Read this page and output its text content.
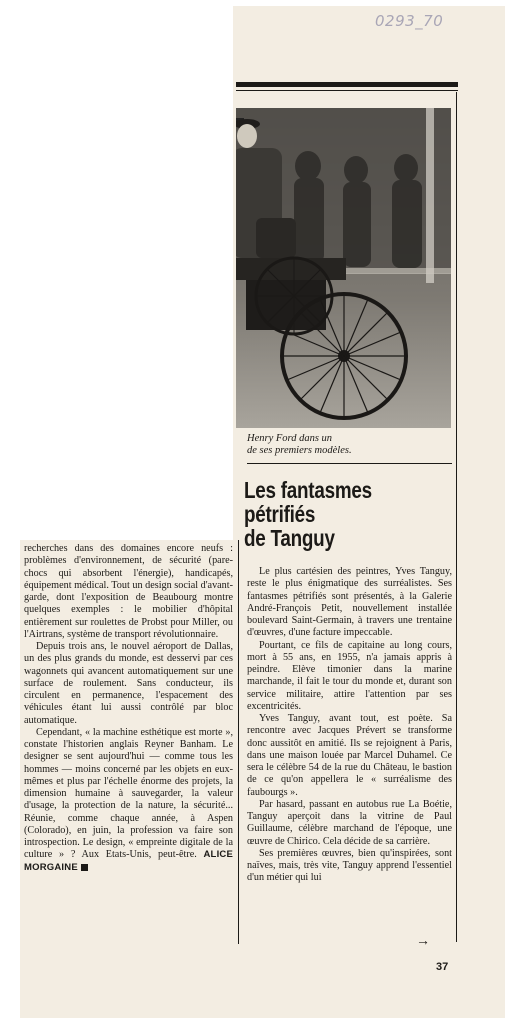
0293_70
Henry Ford dans un
de ses premiers modèles.
Les fantasmes
pétrifiés
de Tanguy

recherches dans des domaines encore neufs : problèmes d'environnement, de sécurité (pare-chocs qui absorbent l'énergie), handicapés, équipement médical. Tout un design social d'avant-garde, dont l'exposition de Beaubourg montre quelques exemples : le mobilier d'hôpital entièrement sur roulettes de Probst pour Miller, ou l'Airtrans, système de transport révolutionnaire.

Depuis trois ans, le nouvel aéroport de Dallas, un des plus grands du monde, est desservi par ces wagonnets qui avancent automatiquement sur une surface de roulement. Sans conducteur, ils circulent en permanence, l'espacement des véhicules étant lui aussi contrôlé par bloc automatique.

Cependant, « la machine esthétique est morte », constate l'historien anglais Reyner Banham. Le designer se sent aujourd'hui — comme tous les hommes — moins concerné par les objets en eux-mêmes et plus par l'échelle énorme des projets, la dimension humaine à sauvegarder, la valeur d'usage, la protection de la nature, la sécurité... Réunie, comme chaque année, à Aspen (Colorado), en juin, la profession va faire son introspection. Le design, « empreinte digitale de la culture » ? Aux Etats-Unis, peut-être. ALICE MORGAINE

Le plus cartésien des peintres, Yves Tanguy, reste le plus énigmatique des surréalistes. Ses fantasmes pétrifiés sont présentés, à la Galerie André-François Petit, nouvellement installée boulevard Saint-Germain, à travers une trentaine d'œuvres, d'une facture impeccable.

Pourtant, ce fils de capitaine au long cours, mort à 55 ans, en 1955, n'a jamais appris à peindre. Elève timonier dans la marine marchande, il fait le tour du monde et, durant son service militaire, attire l'attention par ses excentricités.

Yves Tanguy, avant tout, est poète. Sa rencontre avec Jacques Prévert se transforme donc aussitôt en amitié. Ils se rejoignent à Paris, dans une maison louée par Marcel Duhamel. Ce sera le célèbre 54 de la rue du Château, le bastion de ce qu'on appellera le « surréalisme des faubourgs ».

Par hasard, passant en autobus rue La Boétie, Tanguy aperçoit dans la vitrine de Paul Guillaume, célèbre marchand de l'époque, une œuvre de Chirico. Cela décide de sa carrière.

Ses premières œuvres, bien qu'inspirées, sont naïves, mais, très vite, Tanguy apprend l'essentiel d'un métier qui lui

→
37
